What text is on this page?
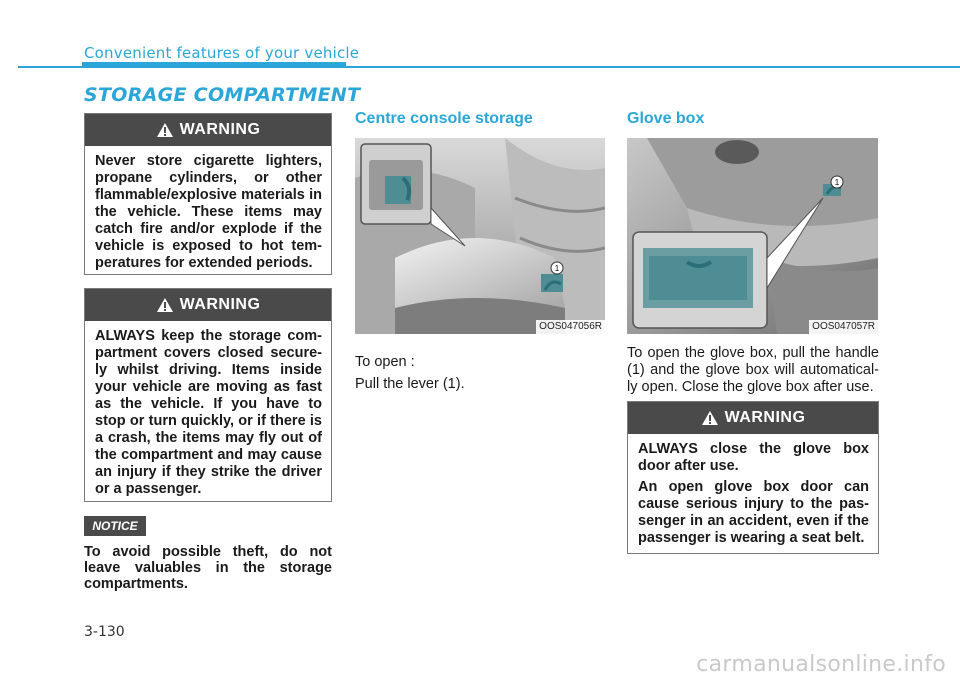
Convenient features of your vehicle
STORAGE COMPARTMENT
WARNING

Never store cigarette lighters, propane cylinders, or other flammable/explosive materials in the vehicle. These items may catch fire and/or explode if the vehicle is exposed to hot tem-peratures for extended periods.

WARNING

ALWAYS keep the storage com-partment covers closed secure-ly whilst driving. Items inside your vehicle are moving as fast as the vehicle. If you have to stop or turn quickly, or if there is a crash, the items may fly out of the compartment and may cause an injury if they strike the driver or a passenger.

NOTICE
To avoid possible theft, do not leave valuables in the storage compartments.
Centre console storage
1
OOS047056R
To open :
Pull the lever (1).
Glove box
1
OOS047057R
To open the glove box, pull the handle (1) and the glove box will automatical-ly open. Close the glove box after use.
WARNING

ALWAYS close the glove box door after use.

An open glove box door can cause serious injury to the pas-senger in an accident, even if the passenger is wearing a seat belt.

3-130
carmanualsonline.info
